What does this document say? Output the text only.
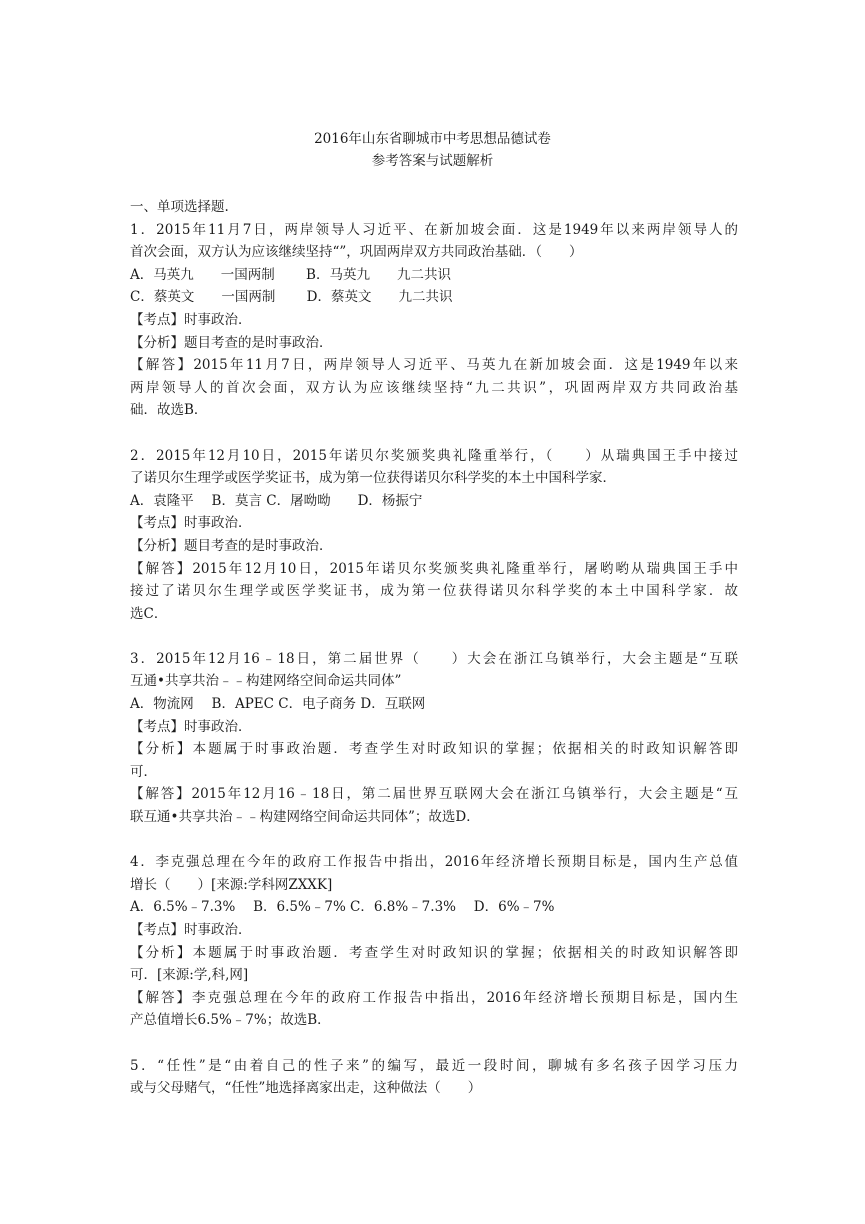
2016年山东省聊城市中考思想品德试卷
参考答案与试题解析
一、单项选择题.
1．2015年11月7日，两岸领导人习近平、在新加坡会面．这是1949年以来两岸领导人的
首次会面，双方认为应该继续坚持“”，巩固两岸双方共同政治基础．（　　）
A．马英九　　一国两制　　 B．马英九　　九二共识
C．蔡英文　　一国两制　　 D．蔡英文　　九二共识
【考点】时事政治．
【分析】题目考查的是时事政治．
【解答】2015年11月7日，两岸领导人习近平、马英九在新加坡会面．这是1949年以来
两岸领导人的首次会面，双方认为应该继续坚持“九二共识”，巩固两岸双方共同政治基
础．故选B．
2．2015年12月10日，2015年诺贝尔奖颁奖典礼隆重举行，（　　）从瑞典国王手中接过
了诺贝尔生理学或医学奖证书，成为第一位获得诺贝尔科学奖的本土中国科学家．
A．袁隆平　 B．莫言 C．屠呦呦　　D．杨振宁
【考点】时事政治．
【分析】题目考查的是时事政治．
【解答】2015年12月10日，2015年诺贝尔奖颁奖典礼隆重举行，屠哟哟从瑞典国王手中
接过了诺贝尔生理学或医学奖证书，成为第一位获得诺贝尔科学奖的本土中国科学家．故
选C．
3．2015年12月16﹣18日，第二届世界（　　）大会在浙江乌镇举行，大会主题是“互联
互通•共享共治﹣﹣构建网络空间命运共同体”
A．物流网　 B．APEC C．电子商务 D．互联网
【考点】时事政治．
【分析】本题属于时事政治题．考查学生对时政知识的掌握；依据相关的时政知识解答即
可．
【解答】2015年12月16﹣18日，第二届世界互联网大会在浙江乌镇举行，大会主题是“互
联互通•共享共治﹣﹣构建网络空间命运共同体”；故选D．
4．李克强总理在今年的政府工作报告中指出，2016年经济增长预期目标是，国内生产总值
增长（　　）[来源:学科网ZXXK]
A．6.5%﹣7.3%　 B．6.5%﹣7% C．6.8%﹣7.3%　 D．6%﹣7%
【考点】时事政治．
【分析】本题属于时事政治题．考查学生对时政知识的掌握；依据相关的时政知识解答即
可．[来源:学,科,网]
【解答】李克强总理在今年的政府工作报告中指出，2016年经济增长预期目标是，国内生
产总值增长6.5%﹣7%；故选B．
5．“任性”是“由着自己的性子来”的编写，最近一段时间，聊城有多名孩子因学习压力
或与父母赌气，“任性”地选择离家出走，这种做法（　　）
